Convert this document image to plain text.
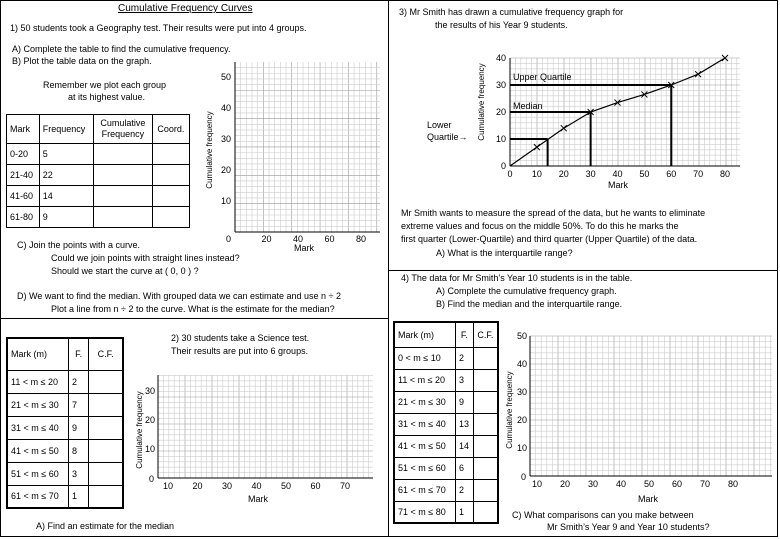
Cumulative Frequency Curves
1) 50 students took a Geography test. Their results were put into 4 groups.
A) Complete the table to find the cumulative frequency.
B) Plot the table data on the graph.
Remember we plot each group
at its highest value.
Mark	Frequency	Cumulative Frequency	Coord.
0-20	5		
21-40	22		
41-60	14		
61-80	9		
Cumulative frequency
10
20
30
40
50
20 40 60 80
0
Mark
C) Join the points with a curve.
Could we join points with straight lines instead?
Should we start the curve at ( 0, 0 ) ?
D) We want to find the median. With grouped data we can estimate and use n ÷ 2
Plot a line from n ÷ 2 to the curve. What is the estimate for the median?
Mark (m)	F.	C.F.
11 < m ≤ 20	2	
21 < m ≤ 30	7	
31 < m ≤ 40	9	
41 < m ≤ 50	8	
51 < m ≤ 60	3	
61 < m ≤ 70	1	
2) 30 students take a Science test.
Their results are put into 6 groups.
10
20
30
10 20 30 40 50 60 70
0
Cumulative frequency
Mark
A) Find an estimate for the median
3) Mr Smith has drawn a cumulative frequency graph for
the results of his Year 9 students.
0
10
20
30
40
0 10 20 30 40 50 60 70 80
Cumulative frequency
Mark
Upper Quartile
Median
Lower
Quartile→
Mr Smith wants to measure the spread of the data, but he wants to eliminate
extreme values and focus on the middle 50%. To do this he marks the
first quarter (Lower-Quartile) and third quarter (Upper Quartile) of the data.
A) What is the interquartile range?
4) The data for Mr Smith’s Year 10 students is in the table.
A) Complete the cumulative frequency graph.
B) Find the median and the interquartile range.
Mark (m)	F.	C.F.
0 < m ≤ 10	2	
11 < m ≤ 20	3	
21 < m ≤ 30	9	
31 < m ≤ 40	13	
41 < m ≤ 50	14	
51 < m ≤ 60	6	
61 < m ≤ 70	2	
71 < m ≤ 80	1	
10
20
30
40
50
10 20 30 40 50 60 70 80
0
Cumulative frequency
Mark
C) What comparisons can you make between
Mr Smith’s Year 9 and Year 10 students?
